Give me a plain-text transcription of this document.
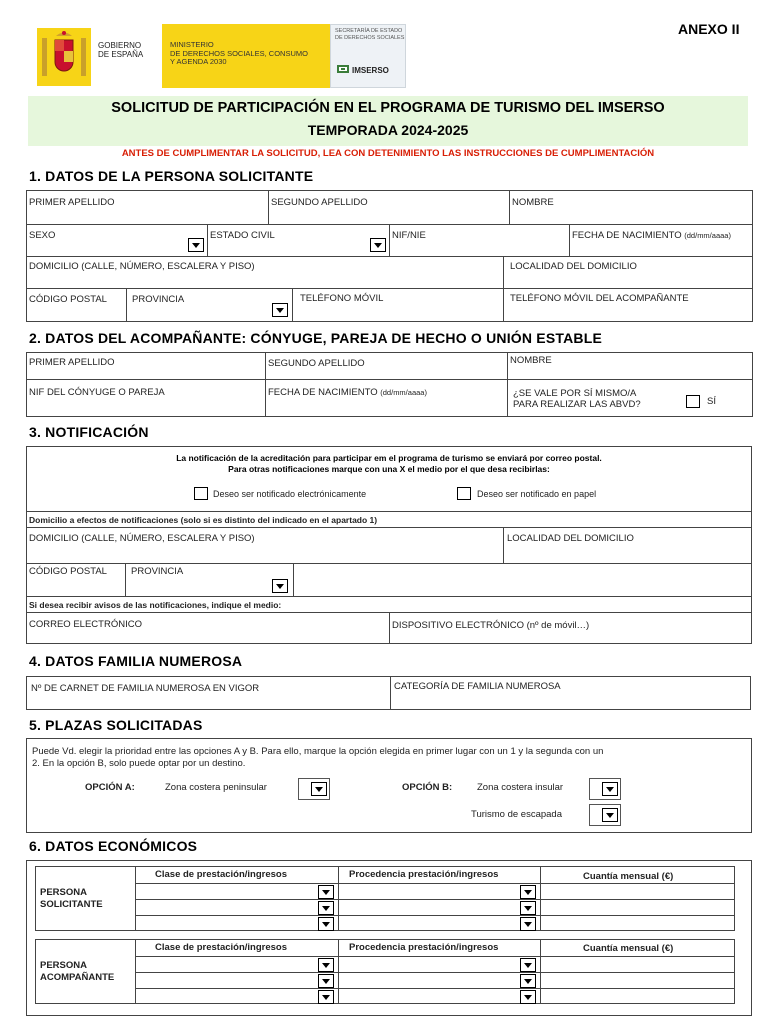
GOBIERNO
DE ESPAÑA
MINISTERIO
DE DERECHOS SOCIALES, CONSUMO
Y AGENDA 2030
SECRETARÍA DE ESTADO
DE DERECHOS SOCIALES
IMSERSO
ANEXO II
SOLICITUD DE PARTICIPACIÓN EN EL PROGRAMA DE TURISMO DEL IMSERSO
TEMPORADA 2024-2025
ANTES DE CUMPLIMENTAR LA SOLICITUD, LEA CON DETENIMIENTO LAS INSTRUCCIONES DE CUMPLIMENTACIÓN
1. DATOS DE LA PERSONA SOLICITANTE
PRIMER APELLIDO	SEGUNDO APELLIDO	NOMBRE
SEXO	ESTADO CIVIL	NIF/NIE	FECHA DE NACIMIENTO (dd/mm/aaaa)
DOMICILIO (CALLE, NÚMERO, ESCALERA Y PISO)	LOCALIDAD DEL DOMICILIO
CÓDIGO POSTAL	PROVINCIA	TELÉFONO MÓVIL	TELÉFONO MÓVIL DEL ACOMPAÑANTE
2. DATOS DEL ACOMPAÑANTE: CÓNYUGE, PAREJA DE HECHO O UNIÓN ESTABLE
PRIMER APELLIDO	SEGUNDO APELLIDO	NOMBRE
NIF DEL CÓNYUGE O PAREJA	FECHA DE NACIMIENTO (dd/mm/aaaa)	¿SE VALE POR SÍ MISMO/A
PARA REALIZAR LAS ABVD?	SÍ
3. NOTIFICACIÓN
La notificación de la acreditación para participar em el programa de turismo se enviará por correo postal.
Para otras notificaciones marque con una X el medio por el que desa recibirlas:
Deseo ser notificado electrónicamente	Deseo ser notificado en papel
Domicilio a efectos de notificaciones (solo si es distinto del indicado en el apartado 1)
DOMICILIO (CALLE, NÚMERO, ESCALERA Y PISO)	LOCALIDAD DEL DOMICILIO
CÓDIGO POSTAL	PROVINCIA
Si desea recibir avisos de las notificaciones, indique el medio:
CORREO ELECTRÓNICO	DISPOSITIVO ELECTRÓNICO (nº de móvil…)
4. DATOS FAMILIA NUMEROSA
Nº DE CARNET DE FAMILIA NUMEROSA EN VIGOR	CATEGORÍA DE FAMILIA NUMEROSA
5. PLAZAS SOLICITADAS
Puede Vd. elegir la prioridad entre las opciones A y B. Para ello, marque la opción elegida en primer lugar con un 1 y la segunda con un
2. En la opción B, solo puede optar por un destino.
OPCIÓN A:	Zona costera peninsular	OPCIÓN B:	Zona costera insular
Turismo de escapada
6. DATOS ECONÓMICOS
PERSONA
SOLICITANTE
Clase de prestación/ingresos	Procedencia prestación/ingresos	Cuantía mensual (€)
PERSONA
ACOMPAÑANTE
Clase de prestación/ingresos	Procedencia prestación/ingresos	Cuantía mensual (€)
